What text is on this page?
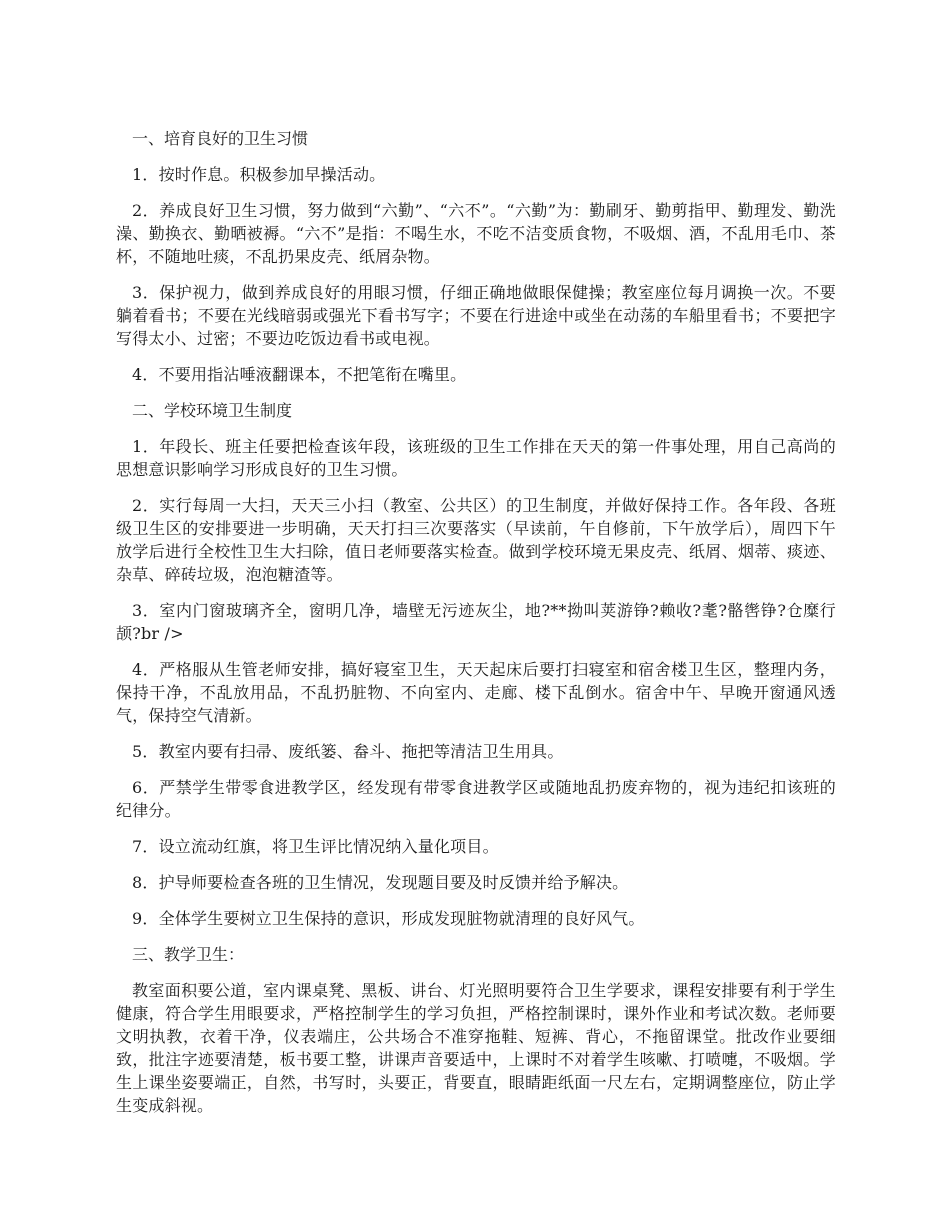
一、培育良好的卫生习惯

1．按时作息。积极参加早操活动。

2．养成良好卫生习惯，努力做到“六勤”、“六不”。“六勤”为：勤刷牙、勤剪指甲、勤理发、勤洗澡、勤换衣、勤晒被褥。“六不”是指：不喝生水，不吃不洁变质食物，不吸烟、酒，不乱用毛巾、茶杯，不随地吐痰，不乱扔果皮壳、纸屑杂物。

3．保护视力，做到养成良好的用眼习惯，仔细正确地做眼保健操；教室座位每月调换一次。不要躺着看书；不要在光线暗弱或强光下看书写字；不要在行进途中或坐在动荡的车船里看书；不要把字写得太小、过密；不要边吃饭边看书或电视。

4．不要用指沾唾液翻课本，不把笔衔在嘴里。

二、学校环境卫生制度

1．年段长、班主任要把检查该年段，该班级的卫生工作排在天天的第一件事处理，用自己高尚的思想意识影响学习形成良好的卫生习惯。

2．实行每周一大扫，天天三小扫（教室、公共区）的卫生制度，并做好保持工作。各年段、各班级卫生区的安排要进一步明确，天天打扫三次要落实（早读前，午自修前，下午放学后），周四下午放学后进行全校性卫生大扫除，值日老师要落实检查。做到学校环境无果皮壳、纸屑、烟蒂、痰迹、杂草、碎砖垃圾，泡泡糖渣等。

3．室内门窗玻璃齐全，窗明几净，墙壁无污迹灰尘，地?**拗叫荚游铮?赖收?耄?骼辔铮?仓糜行颉?br />

4．严格服从生管老师安排，搞好寝室卫生，天天起床后要打扫寝室和宿舍楼卫生区，整理内务，保持干净，不乱放用品，不乱扔脏物、不向室内、走廊、楼下乱倒水。宿舍中午、早晚开窗通风透气，保持空气清新。

5．教室内要有扫帚、废纸篓、畚斗、拖把等清洁卫生用具。

6．严禁学生带零食进教学区，经发现有带零食进教学区或随地乱扔废弃物的，视为违纪扣该班的纪律分。

7．设立流动红旗，将卫生评比情况纳入量化项目。

8．护导师要检查各班的卫生情况，发现题目要及时反馈并给予解决。

9．全体学生要树立卫生保持的意识，形成发现脏物就清理的良好风气。

三、教学卫生：

教室面积要公道，室内课桌凳、黑板、讲台、灯光照明要符合卫生学要求，课程安排要有利于学生健康，符合学生用眼要求，严格控制学生的学习负担，严格控制课时，课外作业和考试次数。老师要文明执教，衣着干净，仪表端庄，公共场合不准穿拖鞋、短裤、背心，不拖留课堂。批改作业要细致，批注字迹要清楚，板书要工整，讲课声音要适中，上课时不对着学生咳嗽、打喷嚏，不吸烟。学生上课坐姿要端正，自然，书写时，头要正，背要直，眼睛距纸面一尺左右，定期调整座位，防止学生变成斜视。
